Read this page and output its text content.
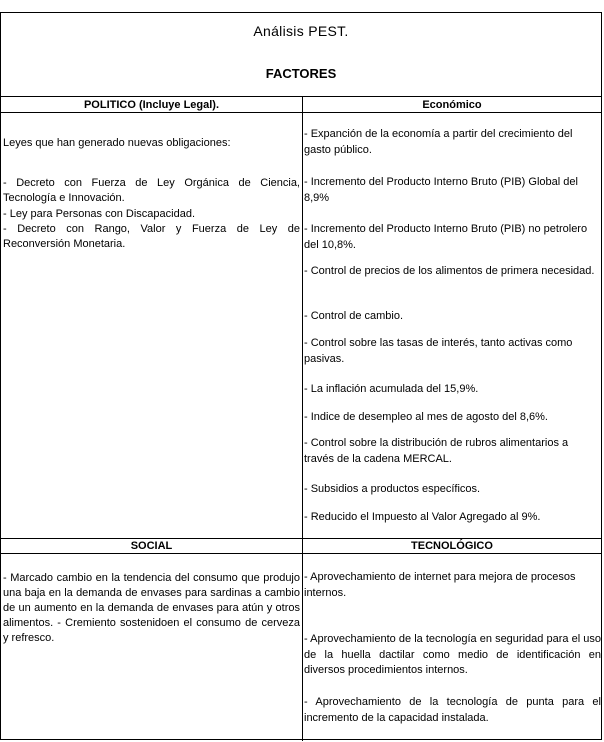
Análisis PEST.
FACTORES
POLITICO (Incluye Legal).
Leyes que han generado nuevas obligaciones:
- Decreto con Fuerza de Ley Orgánica de Ciencia, Tecnología e Innovación.
- Ley para Personas con Discapacidad.
- Decreto con Rango, Valor y Fuerza de Ley de Reconversión Monetaria.
Económico
- Expanción de la economía a partir del crecimiento del gasto público.
- Incremento del Producto Interno Bruto (PIB) Global del 8,9%
- Incremento del Producto Interno Bruto (PIB) no petrolero del 10,8%.
- Control de precios de los alimentos de primera necesidad.
- Control de cambio.
- Control sobre las tasas de interés, tanto activas como pasivas.
- La inflación acumulada del 15,9%.
- Indice de desempleo al mes de agosto del 8,6%.
- Control sobre la distribución de rubros alimentarios a través de la cadena MERCAL.
- Subsidios a productos específicos.
- Reducido el Impuesto al Valor Agregado al 9%.
SOCIAL
- Marcado cambio en la tendencia del consumo que produjo una baja en la demanda de envases para sardinas a cambio de un aumento en la demanda de envases para atún y otros alimentos. - Cremiento sostenidoen el consumo de cerveza y refresco.
TECNOLÓGICO
- Aprovechamiento de internet para mejora de procesos internos.
- Aprovechamiento de la tecnología en seguridad para el uso de la huella dactilar como medio de identificación en diversos procedimientos internos.
- Aprovechamiento de la tecnología de punta para el incremento de la capacidad instalada.
